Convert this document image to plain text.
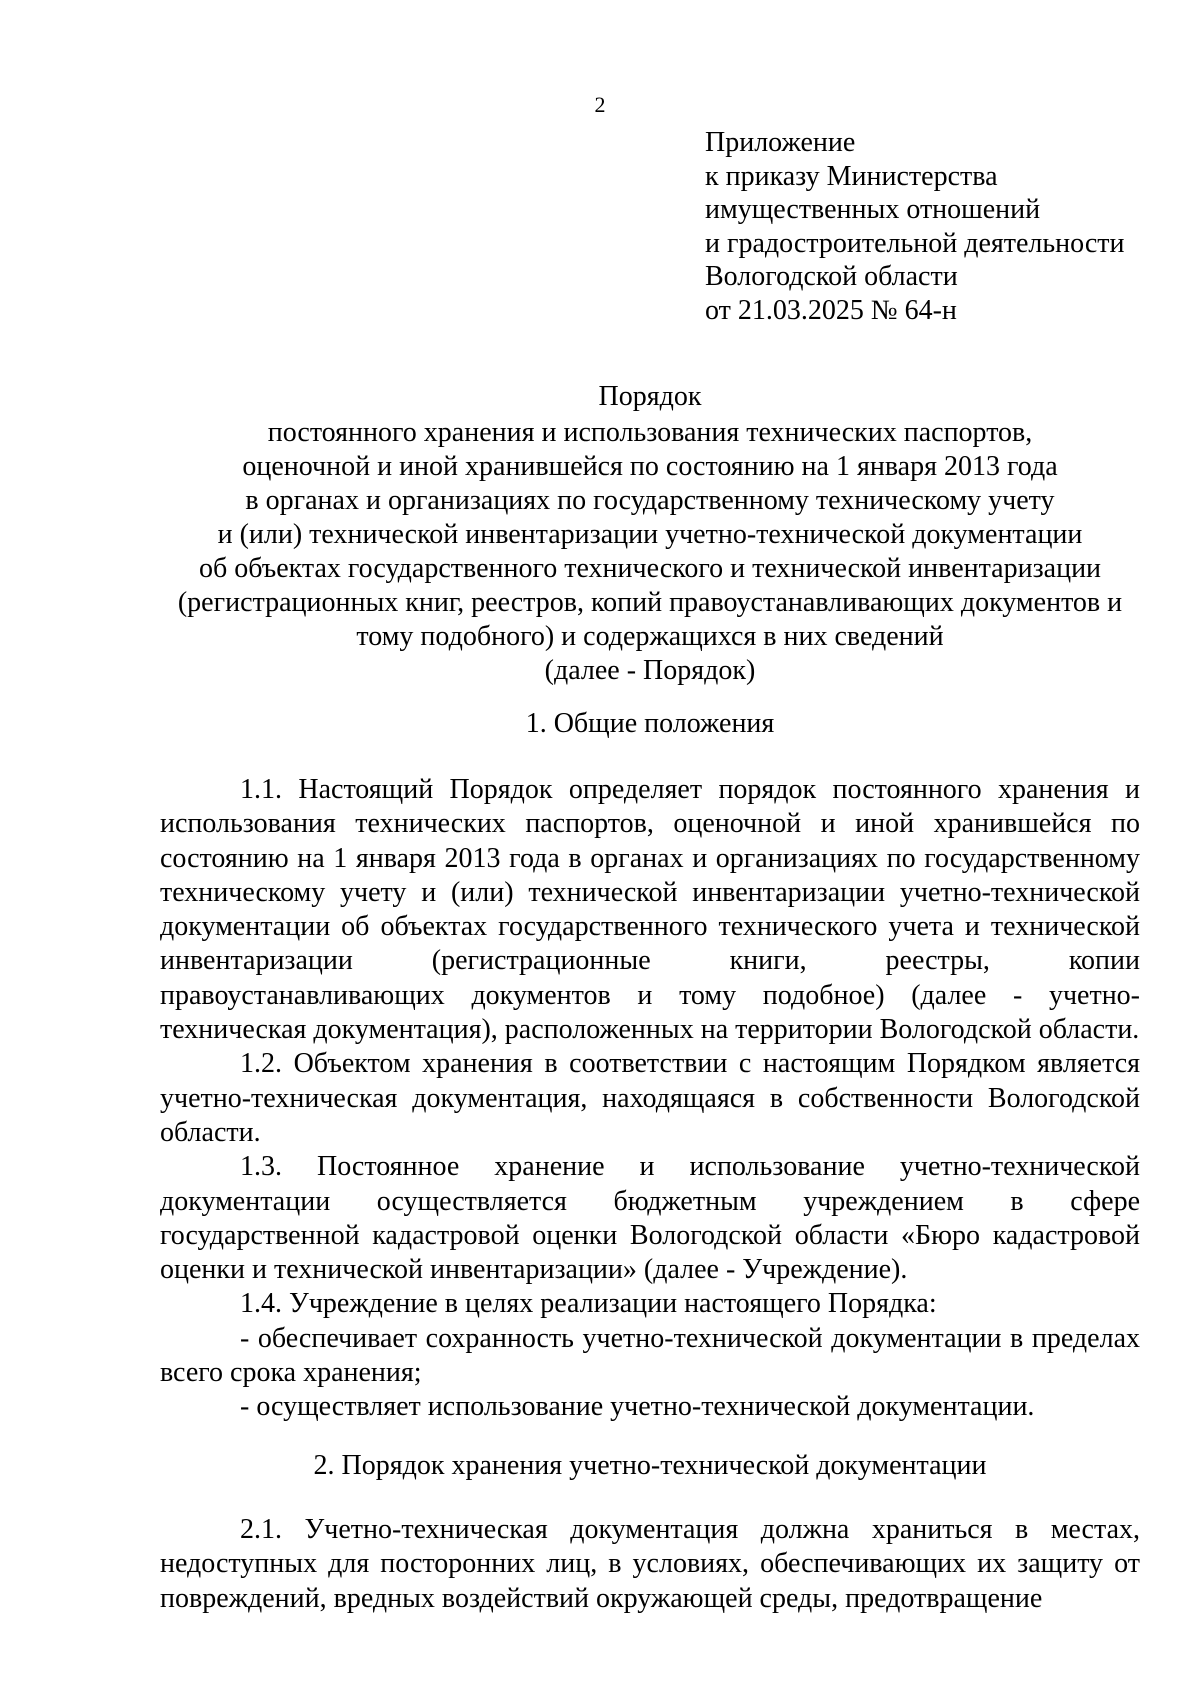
2
Приложение
к приказу Министерства
имущественных отношений
и градостроительной деятельности
Вологодской области
от 21.03.2025 № 64-н
Порядок
постоянного хранения и использования технических паспортов,
оценочной и иной хранившейся по состоянию на 1 января 2013 года
в органах и организациях по государственному техническому учету
и (или) технической инвентаризации учетно-технической документации
об объектах государственного технического и технической инвентаризации
(регистрационных книг, реестров, копий правоустанавливающих документов и
тому подобного) и содержащихся в них сведений
(далее - Порядок)
1. Общие положения

1.1. Настоящий Порядок определяет порядок постоянного хранения и использования технических паспортов, оценочной и иной хранившейся по состоянию на 1 января 2013 года в органах и организациях по государственному техническому учету и (или) технической инвентаризации учетно-технической документации об объектах государственного технического учета и технической инвентаризации (регистрационные книги, реестры, копии правоустанавливающих документов и тому подобное) (далее - учетно-техническая документация), расположенных на территории Вологодской области.

1.2. Объектом хранения в соответствии с настоящим Порядком является учетно-техническая документация, находящаяся в собственности Вологодской области.

1.3. Постоянное хранение и использование учетно-технической документации осуществляется бюджетным учреждением в сфере государственной кадастровой оценки Вологодской области «Бюро кадастровой оценки и технической инвентаризации» (далее - Учреждение).

1.4. Учреждение в целях реализации настоящего Порядка:

- обеспечивает сохранность учетно-технической документации в пределах всего срока хранения;

- осуществляет использование учетно-технической документации.

2. Порядок хранения учетно-технической документации

2.1. Учетно-техническая документация должна храниться в местах, недоступных для посторонних лиц, в условиях, обеспечивающих их защиту от повреждений, вредных воздействий окружающей среды, предотвращение
